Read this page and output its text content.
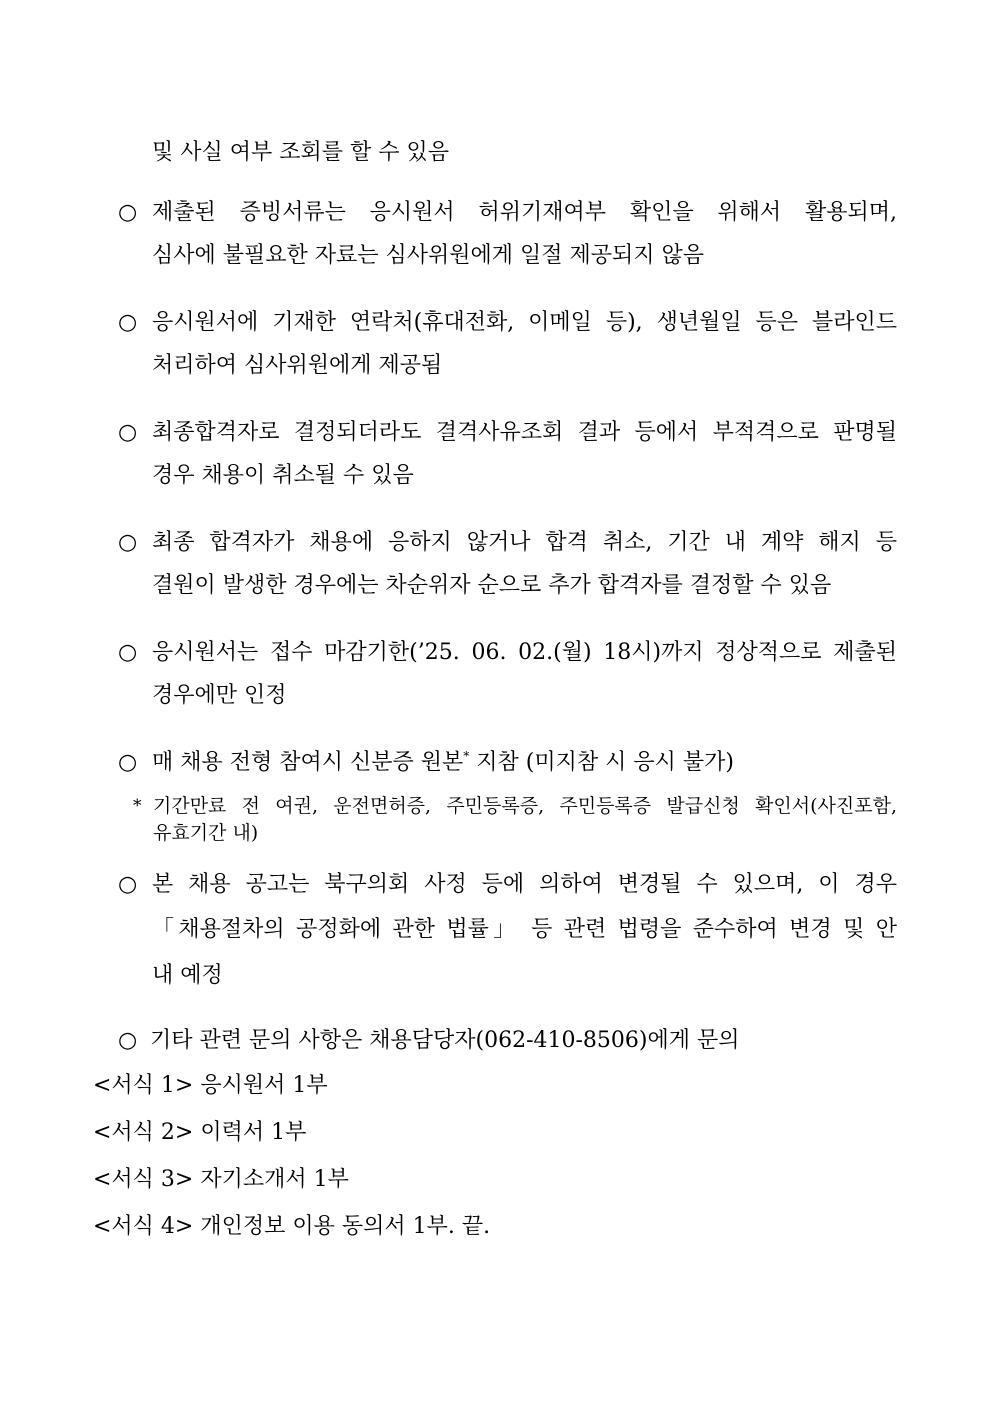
및 사실 여부 조회를 할 수 있음
○ 제출된 증빙서류는 응시원서 허위기재여부 확인을 위해서 활용되며,
심사에 불필요한 자료는 심사위원에게 일절 제공되지 않음
○ 응시원서에 기재한 연락처(휴대전화, 이메일 등), 생년월일 등은 블라인드
처리하여 심사위원에게 제공됨
○ 최종합격자로 결정되더라도 결격사유조회 결과 등에서 부적격으로 판명될
경우 채용이 취소될 수 있음
○ 최종 합격자가 채용에 응하지 않거나 합격 취소, 기간 내 계약 해지 등
결원이 발생한 경우에는 차순위자 순으로 추가 합격자를 결정할 수 있음
○ 응시원서는 접수 마감기한(’25. 06. 02.(월) 18시)까지 정상적으로 제출된
경우에만 인정
○ 매 채용 전형 참여시 신분증 원본* 지참 (미지참 시 응시 불가)
* 기간만료 전 여권, 운전면허증, 주민등록증, 주민등록증 발급신청 확인서(사진포함,
유효기간 내)
○ 본 채용 공고는 북구의회 사정 등에 의하여 변경될 수 있으며, 이 경우
「채용절차의 공정화에 관한 법률」 등 관련 법령을 준수하여 변경 및 안
내 예정
○ 기타 관련 문의 사항은 채용담당자(062-410-8506)에게 문의
<서식 1> 응시원서 1부
<서식 2> 이력서 1부
<서식 3> 자기소개서 1부
<서식 4> 개인정보 이용 동의서 1부. 끝.
